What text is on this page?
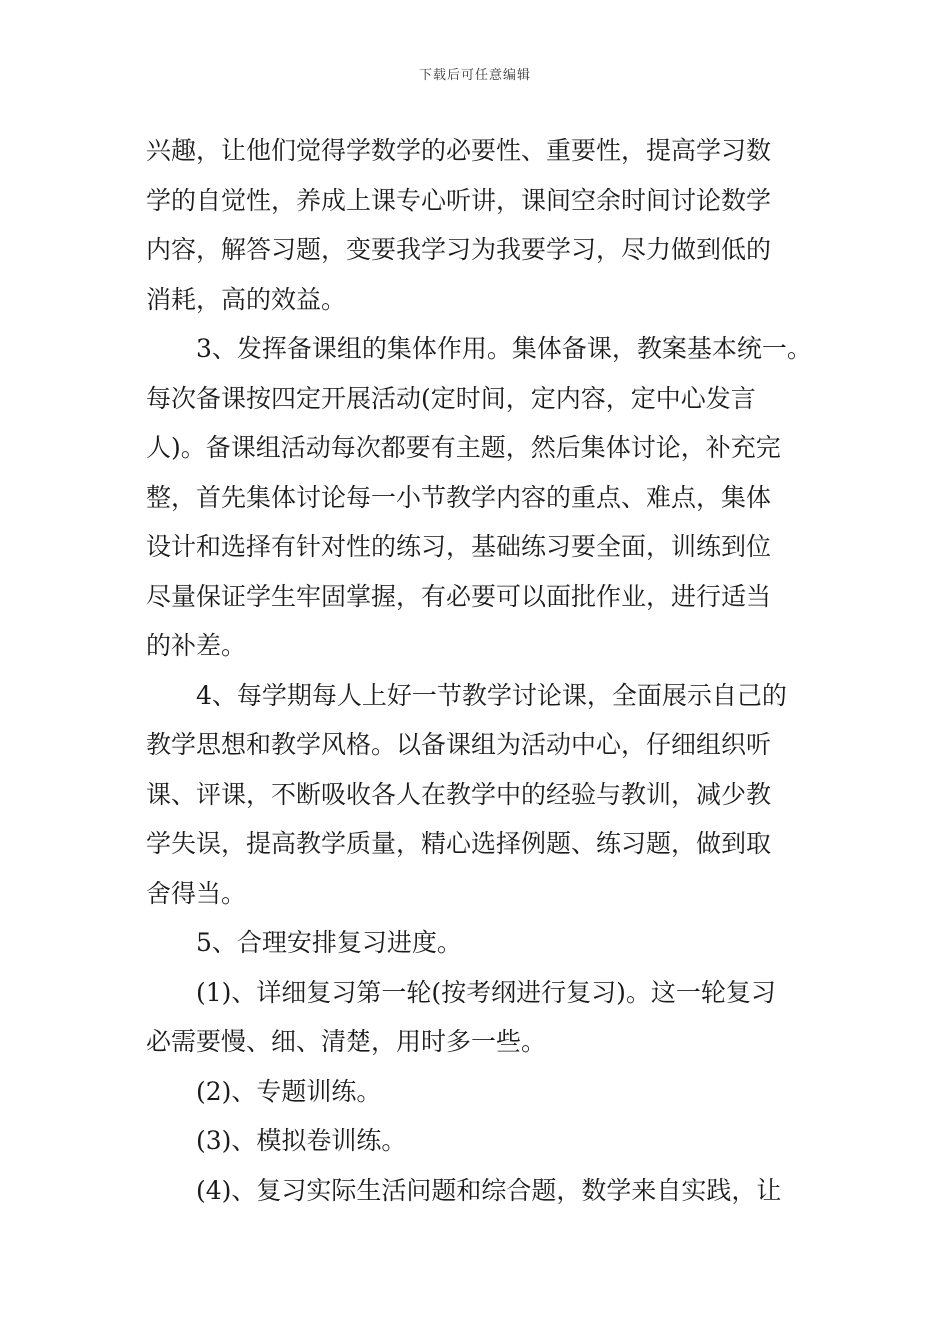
下载后可任意编辑
兴趣，让他们觉得学数学的必要性、重要性，提高学习数
学的自觉性，养成上课专心听讲，课间空余时间讨论数学
内容，解答习题，变要我学习为我要学习，尽力做到低的
消耗，高的效益。
3、发挥备课组的集体作用。集体备课，教案基本统一。
每次备课按四定开展活动(定时间，定内容，定中心发言
人)。备课组活动每次都要有主题，然后集体讨论，补充完
整，首先集体讨论每一小节教学内容的重点、难点，集体
设计和选择有针对性的练习，基础练习要全面，训练到位
尽量保证学生牢固掌握，有必要可以面批作业，进行适当
的补差。
4、每学期每人上好一节教学讨论课，全面展示自己的
教学思想和教学风格。以备课组为活动中心，仔细组织听
课、评课，不断吸收各人在教学中的经验与教训，减少教
学失误，提高教学质量，精心选择例题、练习题，做到取
舍得当。
5、合理安排复习进度。
(1)、详细复习第一轮(按考纲进行复习)。这一轮复习
必需要慢、细、清楚，用时多一些。
(2)、专题训练。
(3)、模拟卷训练。
(4)、复习实际生活问题和综合题，数学来自实践，让
